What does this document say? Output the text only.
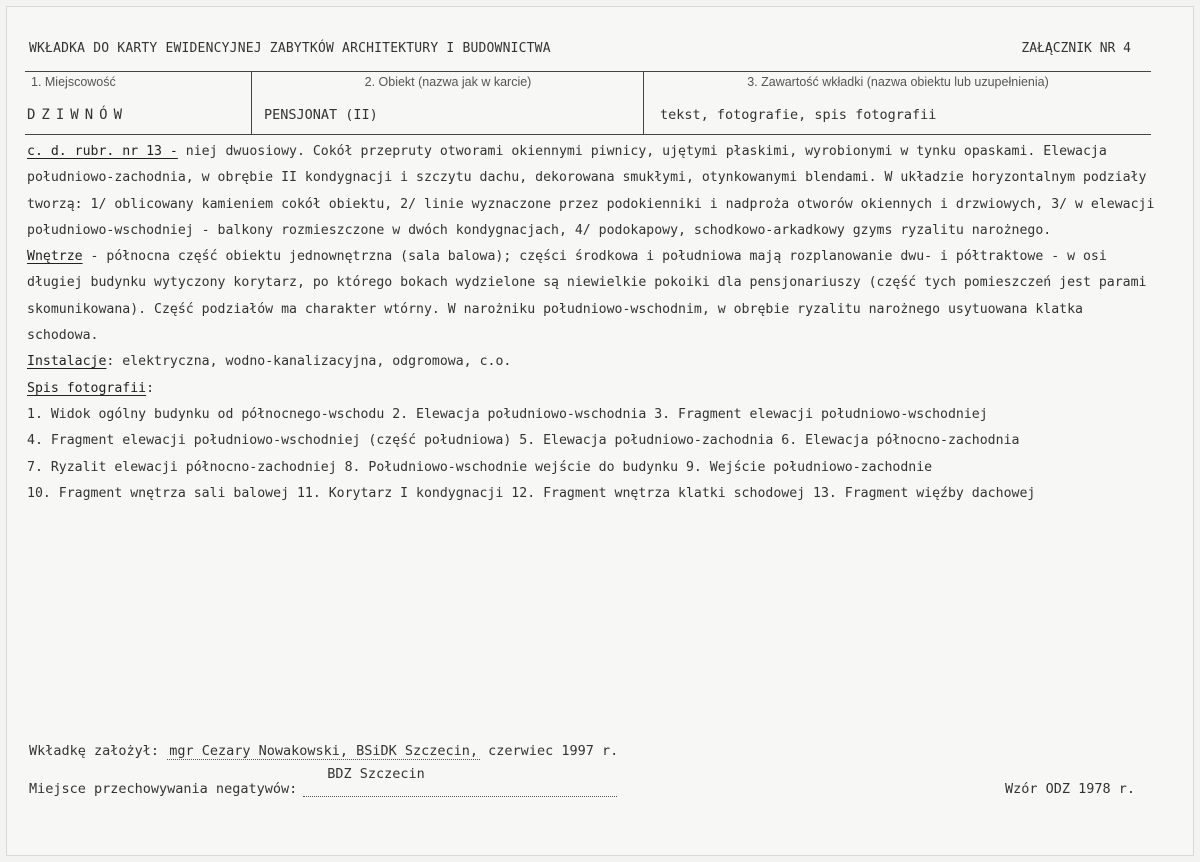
WKŁADKA DO KARTY EWIDENCYJNEJ ZABYTKÓW ARCHITEKTURY I BUDOWNICTWA	ZAŁĄCZNIK NR 4
1. Miejscowość
DZIWNÓW
2. Obiekt (nazwa jak w karcie)
PENSJONAT (II)
3. Zawartość wkładki (nazwa obiektu lub uzupełnienia)
tekst, fotografie, spis fotografii

c. d. rubr. nr 13 - niej dwuosiowy. Cokół przepruty otworami okiennymi piwnicy, ujętymi płaskimi, wyrobionymi w tynku opaskami. Elewacja południowo-zachodnia, w obrębie II kondygnacji i szczytu dachu, dekorowana smukłymi, otynkowanymi blendami. W układzie horyzontalnym podziały tworzą: 1/ oblicowany kamieniem cokół obiektu, 2/ linie wyznaczone przez podokienniki i nadproża otworów okiennych i drzwiowych, 3/ w elewacji południowo-wschodniej - balkony rozmieszczone w dwóch kondygnacjach, 4/ podokapowy, schodkowo-arkadkowy gzyms ryzalitu narożnego.

Wnętrze - północna część obiektu jednownętrzna (sala balowa); części środkowa i południowa mają rozplanowanie dwu- i półtraktowe - w osi długiej budynku wytyczony korytarz, po którego bokach wydzielone są niewielkie pokoiki dla pensjonariuszy (część tych pomieszczeń jest parami skomunikowana). Część podziałów ma charakter wtórny. W narożniku południowo-wschodnim, w obrębie ryzalitu narożnego usytuowana klatka schodowa.

Instalacje: elektryczna, wodno-kanalizacyjna, odgromowa, c.o.

Spis fotografii:

1. Widok ogólny budynku od północnego-wschodu 2. Elewacja południowo-wschodnia 3. Fragment elewacji południowo-wschodniej
4. Fragment elewacji południowo-wschodniej (część południowa) 5. Elewacja południowo-zachodnia 6. Elewacja północno-zachodnia
7. Ryzalit elewacji północno-zachodniej 8. Południowo-wschodnie wejście do budynku 9. Wejście południowo-zachodnie
10. Fragment wnętrza sali balowej 11. Korytarz I kondygnacji 12. Fragment wnętrza klatki schodowej 13. Fragment więźby dachowej
Wkładkę założył: mgr Cezary Nowakowski, BSiDK Szczecin, czerwiec 1997 r.
Miejsce przechowywania negatywów:
BDZ Szczecin
Wzór ODZ 1978 r.
